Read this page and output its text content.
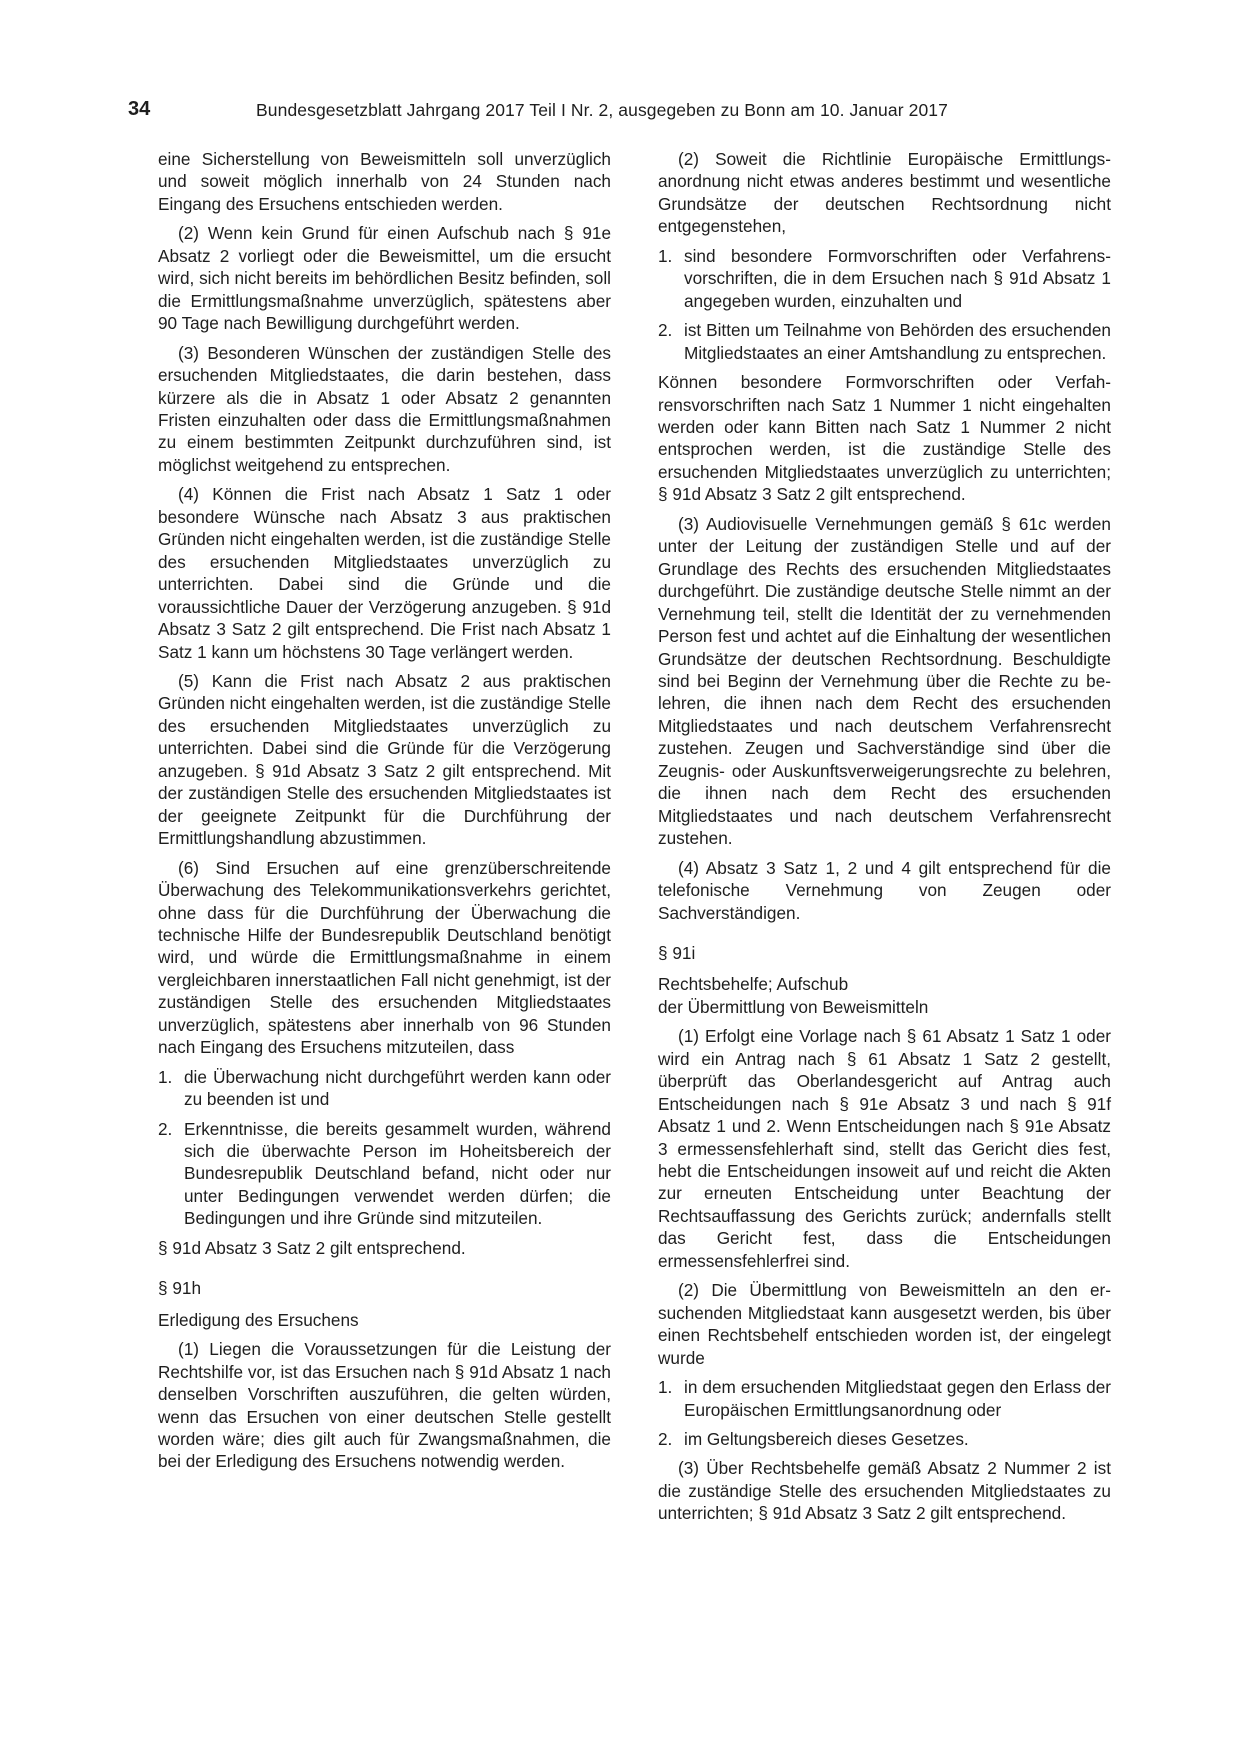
34	Bundesgesetzblatt Jahrgang 2017 Teil I Nr. 2, ausgegeben zu Bonn am 10. Januar 2017

eine Sicherstellung von Beweismitteln soll unverzüglich und soweit möglich innerhalb von 24 Stunden nach Eingang des Ersuchens entschieden werden.

(2) Wenn kein Grund für einen Aufschub nach § 91e Absatz 2 vorliegt oder die Beweismittel, um die ersucht wird, sich nicht bereits im behördlichen Besitz befinden, soll die Ermittlungsmaßnahme unverzüglich, spätestens aber 90 Tage nach Bewilligung durchgeführt werden.

(3) Besonderen Wünschen der zuständigen Stelle des ersuchenden Mitgliedstaates, die darin bestehen, dass kürzere als die in Absatz 1 oder Absatz 2 genannten Fristen einzuhalten oder dass die Ermittlungsmaßnahmen zu einem bestimmten Zeitpunkt durchzuführen sind, ist möglichst weitgehend zu entsprechen.

(4) Können die Frist nach Absatz 1 Satz 1 oder besondere Wünsche nach Absatz 3 aus praktischen Gründen nicht eingehalten werden, ist die zuständige Stelle des ersuchenden Mitgliedstaates unverzüglich zu unterrichten. Dabei sind die Gründe und die voraussichtliche Dauer der Verzögerung anzugeben. § 91d Absatz 3 Satz 2 gilt entsprechend. Die Frist nach Absatz 1 Satz 1 kann um höchstens 30 Tage verlängert werden.

(5) Kann die Frist nach Absatz 2 aus praktischen Gründen nicht eingehalten werden, ist die zuständige Stelle des ersuchenden Mitgliedstaates unverzüglich zu unterrichten. Dabei sind die Gründe für die Verzögerung anzugeben. § 91d Absatz 3 Satz 2 gilt entsprechend. Mit der zuständigen Stelle des ersuchenden Mitgliedstaates ist der geeignete Zeitpunkt für die Durchführung der Ermittlungshandlung abzustimmen.

(6) Sind Ersuchen auf eine grenzüberschreitende Überwachung des Telekommunikationsverkehrs gerichtet, ohne dass für die Durchführung der Überwachung die technische Hilfe der Bundesrepublik Deutschland benötigt wird, und würde die Ermittlungsmaßnahme in einem vergleichbaren innerstaatlichen Fall nicht genehmigt, ist der zuständigen Stelle des ersuchenden Mitgliedstaates unverzüglich, spätestens aber innerhalb von 96 Stunden nach Eingang des Ersuchens mitzuteilen, dass

1. die Überwachung nicht durchgeführt werden kann oder zu beenden ist und
2. Erkenntnisse, die bereits gesammelt wurden, während sich die überwachte Person im Hoheitsbereich der Bundesrepublik Deutschland befand, nicht oder nur unter Bedingungen verwendet werden dürfen; die Bedingungen und ihre Gründe sind mitzuteilen.

§ 91d Absatz 3 Satz 2 gilt entsprechend.

§ 91h

Erledigung des Ersuchens

(1) Liegen die Voraussetzungen für die Leistung der Rechtshilfe vor, ist das Ersuchen nach § 91d Absatz 1 nach denselben Vorschriften auszuführen, die gelten würden, wenn das Ersuchen von einer deutschen Stelle gestellt worden wäre; dies gilt auch für Zwangsmaßnahmen, die bei der Erledigung des Ersuchens notwendig werden.

(2) Soweit die Richtlinie Europäische Ermittlungsanordnung nicht etwas anderes bestimmt und wesentliche Grundsätze der deutschen Rechtsordnung nicht entgegenstehen,

1. sind besondere Formvorschriften oder Verfahrensvorschriften, die in dem Ersuchen nach § 91d Absatz 1 angegeben wurden, einzuhalten und
2. ist Bitten um Teilnahme von Behörden des ersuchenden Mitgliedstaates an einer Amtshandlung zu entsprechen.

Können besondere Formvorschriften oder Verfahrensvorschriften nach Satz 1 Nummer 1 nicht eingehalten werden oder kann Bitten nach Satz 1 Nummer 2 nicht entsprochen werden, ist die zuständige Stelle des ersuchenden Mitgliedstaates unverzüglich zu unterrichten; § 91d Absatz 3 Satz 2 gilt entsprechend.

(3) Audiovisuelle Vernehmungen gemäß § 61c werden unter der Leitung der zuständigen Stelle und auf der Grundlage des Rechts des ersuchenden Mitgliedstaates durchgeführt. Die zuständige deutsche Stelle nimmt an der Vernehmung teil, stellt die Identität der zu vernehmenden Person fest und achtet auf die Einhaltung der wesentlichen Grundsätze der deutschen Rechtsordnung. Beschuldigte sind bei Beginn der Vernehmung über die Rechte zu belehren, die ihnen nach dem Recht des ersuchenden Mitgliedstaates und nach deutschem Verfahrensrecht zustehen. Zeugen und Sachverständige sind über die Zeugnis- oder Auskunftsverweigerungsrechte zu belehren, die ihnen nach dem Recht des ersuchenden Mitgliedstaates und nach deutschem Verfahrensrecht zustehen.

(4) Absatz 3 Satz 1, 2 und 4 gilt entsprechend für die telefonische Vernehmung von Zeugen oder Sachverständigen.

§ 91i

Rechtsbehelfe; Aufschub
der Übermittlung von Beweismitteln

(1) Erfolgt eine Vorlage nach § 61 Absatz 1 Satz 1 oder wird ein Antrag nach § 61 Absatz 1 Satz 2 gestellt, überprüft das Oberlandesgericht auf Antrag auch Entscheidungen nach § 91e Absatz 3 und nach § 91f Absatz 1 und 2. Wenn Entscheidungen nach § 91e Absatz 3 ermessensfehlerhaft sind, stellt das Gericht dies fest, hebt die Entscheidungen insoweit auf und reicht die Akten zur erneuten Entscheidung unter Beachtung der Rechtsauffassung des Gerichts zurück; andernfalls stellt das Gericht fest, dass die Entscheidungen ermessensfehlerfrei sind.

(2) Die Übermittlung von Beweismitteln an den ersuchenden Mitgliedstaat kann ausgesetzt werden, bis über einen Rechtsbehelf entschieden worden ist, der eingelegt wurde

1. in dem ersuchenden Mitgliedstaat gegen den Erlass der Europäischen Ermittlungsanordnung oder
2. im Geltungsbereich dieses Gesetzes.

(3) Über Rechtsbehelfe gemäß Absatz 2 Nummer 2 ist die zuständige Stelle des ersuchenden Mitgliedstaates zu unterrichten; § 91d Absatz 3 Satz 2 gilt entsprechend.
